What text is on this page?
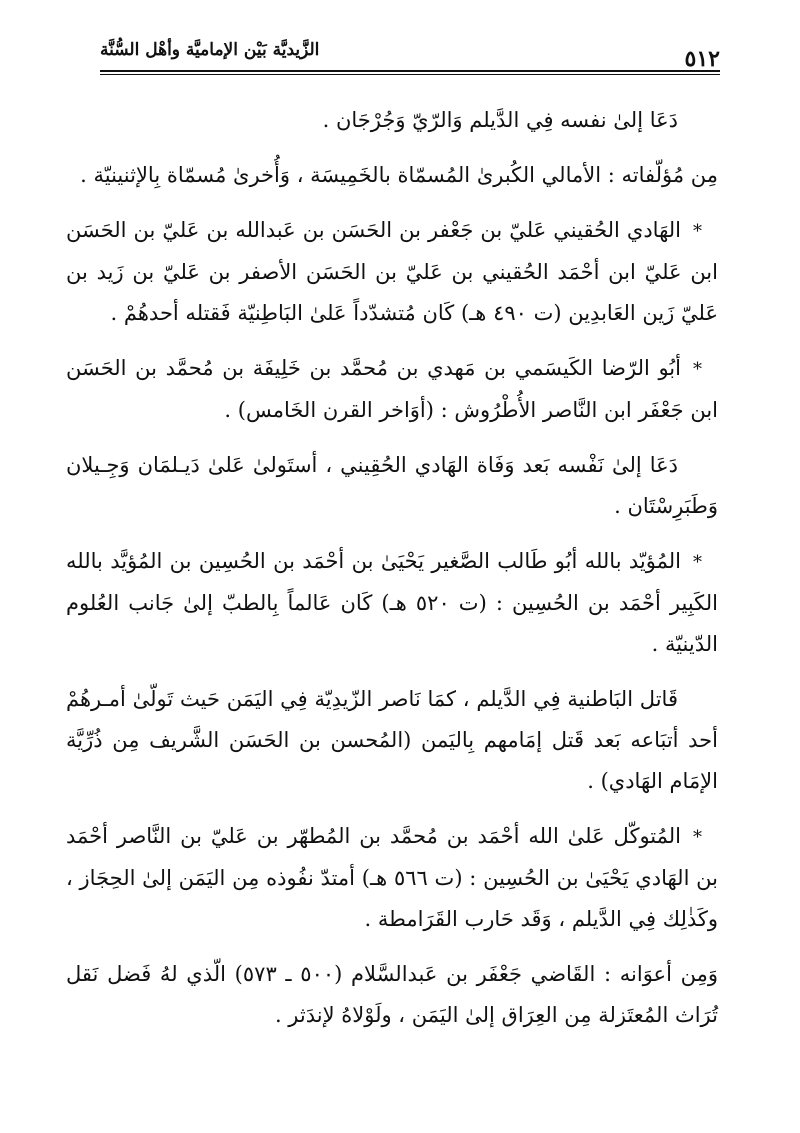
٥١٢
الزَّيديَّة بَيْن الإماميَّة وأهْل السُّنَّة

دَعَا إلىٰ نفسه فِي الدَّيلم وَالرّيّ وَجُرْجَان .

مِن مُؤلّفاته : الأمالي الكُبرىٰ المُسمّاة بالخَمِيسَة ، وَأُخرىٰ مُسمّاة بِالإثنينيّة .

*الهَادي الحُقيني عَليّ بن جَعْفر بن الحَسَن بن عَبدالله بن عَليّ بن الحَسَن ابن عَليّ ابن أحْمَد الحُقيني بن عَليّ بن الحَسَن الأصفر بن عَليّ بن زَيد بن عَليّ زَين العَابدِين (ت ٤٩٠ هـ) كَان مُتشدّداً عَلىٰ البَاطِنيّة فَقتله أحدهُمْ .

*أبُو الرّضا الكَيسَمي بن مَهدي بن مُحمَّد بن خَلِيفَة بن مُحمَّد بن الحَسَن ابن جَعْفَر ابن النَّاصر الأُطْرُوش : (أوَاخر القرن الخَامس) .

دَعَا إلىٰ نَفْسه بَعد وَفَاة الهَادي الحُقِيني ، أستَولىٰ عَلىٰ دَيـلمَان وَجِـيلان وَطَبَرِسْتَان .

*المُؤيّد بالله أبُو طَالب الصَّغير يَحْيَىٰ بن أحْمَد بن الحُسِين بن المُؤيَّد بالله الكَبِير أحْمَد بن الحُسِين : (ت ٥٢٠ هـ) كَان عَالماً بِالطبّ إلىٰ جَانب العُلوم الدّينيّة .

قَاتل البَاطنية فِي الدَّيلم ، كمَا نَاصر الزّيدِيّة فِي اليَمَن حَيث تَولّىٰ أمـرهُمْ أحد أتبَاعه بَعد قَتل إمَامهم بِاليَمن (المُحسن بن الحَسَن الشَّريف مِن ذُرِّيَّة الإمَام الهَادي) .

*المُتوكّل عَلىٰ الله أحْمَد بن مُحمَّد بن المُطهّر بن عَليّ بن النَّاصر أحْمَد بن الهَادي يَحْيَىٰ بن الحُسِين : (ت ٥٦٦ هـ) أمتدّ نفُوذه مِن اليَمَن إلىٰ الحِجَاز ، وكَذٰلِك فِي الدَّيلم ، وَقَد حَارب القَرَامطة .

وَمِن أعوَانه : القَاضي جَعْفَر بن عَبدالسَّلام (٥٠٠ ـ ٥٧٣) الّذي لهُ فَضل نَقل تُرَاث المُعتَزلة مِن العِرَاق إلىٰ اليَمَن ، ولَوْلاهُ لإندَثر .
